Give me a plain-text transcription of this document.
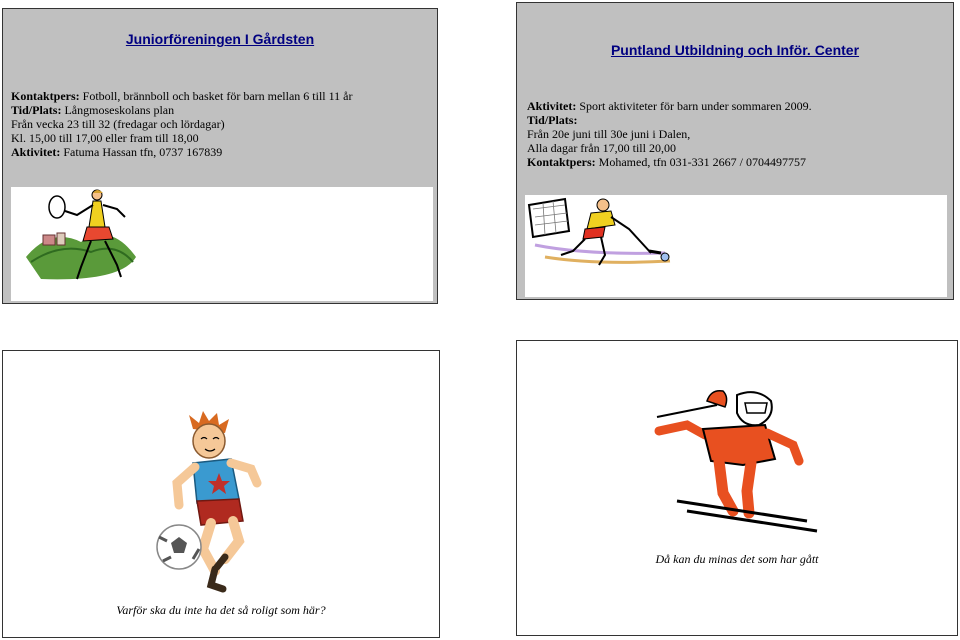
Juniorföreningen I Gårdsten
Kontaktpers: Fotboll, brännboll och basket för barn mellan 6 till 11 år
Tid/Plats: Långmoseskolans plan
Från vecka 23 till 32 (fredagar och lördagar)
Kl. 15,00 till 17,00 eller fram till 18,00
Aktivitet: Fatuma Hassan tfn, 0737 167839
Puntland Utbildning och Inför. Center
Aktivitet: Sport aktiviteter för barn under sommaren 2009.
Tid/Plats:
Från 20e juni till 30e juni i Dalen,
Alla dagar från 17,00 till 20,00
Kontaktpers: Mohamed, tfn 031-331 2667 / 0704497757
Varför ska du inte ha det så roligt som här?
Då kan du minas det som har gått
